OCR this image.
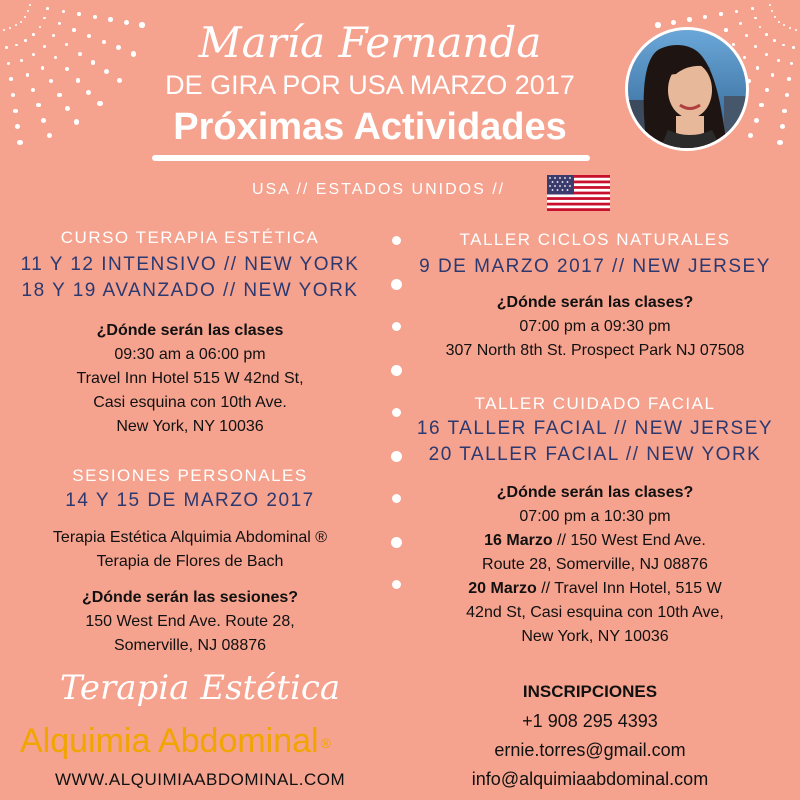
María Fernanda
DE GIRA POR USA MARZO 2017
Próximas Actividades
USA // ESTADOS UNIDOS //
CURSO TERAPIA ESTÉTICA
11 Y 12 INTENSIVO // NEW YORK
18 Y 19 AVANZADO // NEW YORK
¿Dónde serán las clases
09:30 am a 06:00 pm
Travel Inn Hotel 515 W 42nd St,
Casi esquina con 10th Ave.
New York, NY 10036
SESIONES PERSONALES
14 Y 15 DE MARZO 2017
Terapia Estética Alquimia Abdominal ®
Terapia de Flores de Bach
¿Dónde serán las sesiones?
150 West End Ave. Route 28,
Somerville, NJ 08876
TALLER CICLOS NATURALES
9 DE MARZO 2017 // NEW JERSEY
¿Dónde serán las clases?
07:00 pm a 09:30 pm
307 North 8th St. Prospect Park NJ 07508
TALLER CUIDADO FACIAL
16 TALLER FACIAL // NEW JERSEY
20 TALLER FACIAL // NEW YORK
¿Dónde serán las clases?
07:00 pm a 10:30 pm
16 Marzo // 150 West End Ave.
Route 28, Somerville, NJ 08876
20 Marzo // Travel Inn Hotel, 515 W
42nd St, Casi esquina con 10th Ave,
New York, NY 10036
Terapia Estética
Alquimia Abdominal ®
WWW.ALQUIMIAABDOMINAL.COM
INSCRIPCIONES
+1 908 295 4393
ernie.torres@gmail.com
info@alquimiaabdominal.com
